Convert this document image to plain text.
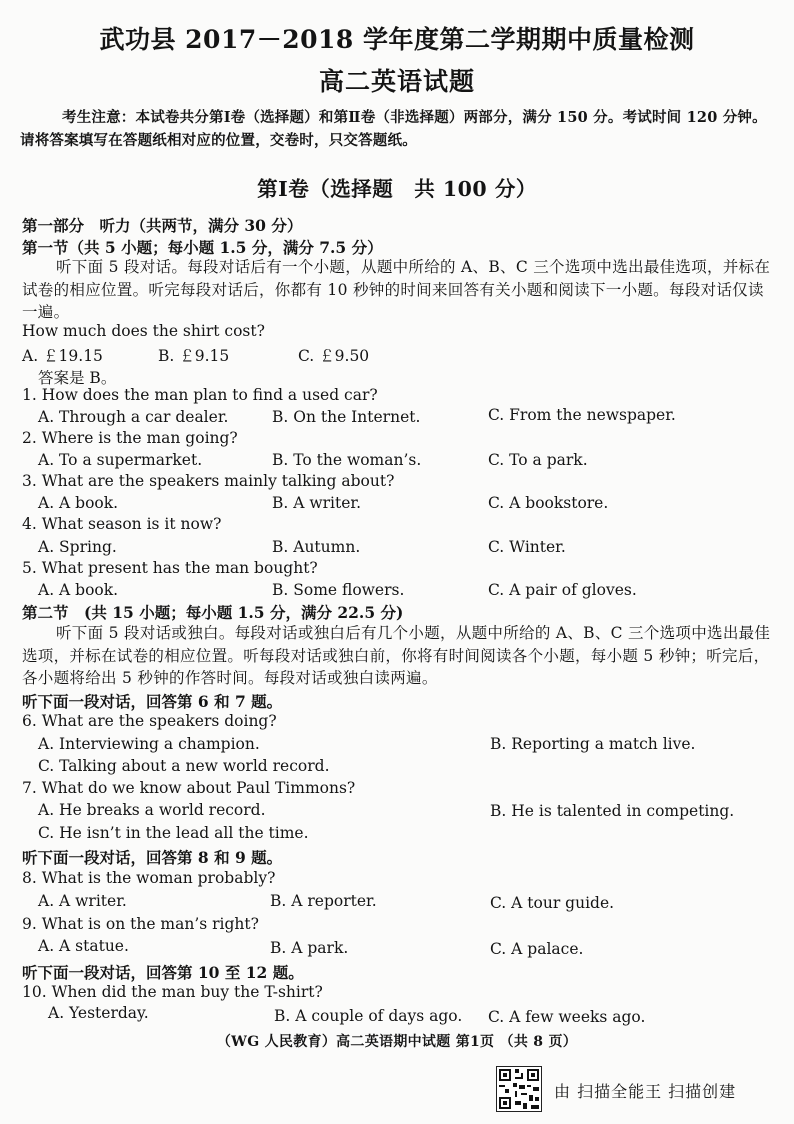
武功县 2017－2018 学年度第二学期期中质量检测
高二英语试题
考生注意：本试卷共分第Ⅰ卷（选择题）和第Ⅱ卷（非选择题）两部分，满分 150 分。考试时间 120 分钟。请将答案填写在答题纸相对应的位置，交卷时，只交答题纸。
第Ⅰ卷（选择题　共 100 分）
第一部分　听力（共两节，满分 30 分）
第一节（共 5 小题；每小题 1.5 分，满分 7.5 分）
听下面 5 段对话。每段对话后有一个小题，从题中所给的 A、B、C 三个选项中选出最佳选项，并标在试卷的相应位置。听完每段对话后，你都有 10 秒钟的时间来回答有关小题和阅读下一小题。每段对话仅读一遍。
How much does the shirt cost?
A. ￡19.15	B. ￡9.15	C. ￡9.50
答案是 B。
1. How does the man plan to find a used car?
A. Through a car dealer.	B. On the Internet.	C. From the newspaper.
2. Where is the man going?
A. To a supermarket.	B. To the woman’s.	C. To a park.
3. What are the speakers mainly talking about?
A. A book.	B. A writer.	C. A bookstore.
4. What season is it now?
A. Spring.	B. Autumn.	C. Winter.
5. What present has the man bought?
A. A book.	B. Some flowers.	C. A pair of gloves.
第二节　(共 15 小题；每小题 1.5 分，满分 22.5 分)
听下面 5 段对话或独白。每段对话或独白后有几个小题，从题中所给的 A、B、C 三个选项中选出最佳选项，并标在试卷的相应位置。听每段对话或独白前，你将有时间阅读各个小题，每小题 5 秒钟；听完后，各小题将给出 5 秒钟的作答时间。每段对话或独白读两遍。
听下面一段对话，回答第 6 和 7 题。
6. What are the speakers doing?
A. Interviewing a champion.	B. Reporting a match live.
C. Talking about a new world record.
7. What do we know about Paul Timmons?
A. He breaks a world record.	B. He is talented in competing.
C. He isn’t in the lead all the time.
听下面一段对话，回答第 8 和 9 题。
8. What is the woman probably?
A. A writer.	B. A reporter.	C. A tour guide.
9. What is on the man’s right?
A. A statue.	B. A park.	C. A palace.
听下面一段对话，回答第 10 至 12 题。
10. When did the man buy the T-shirt?
A. Yesterday.	B. A couple of days ago. C. A few weeks ago.
（WG 人民教育）高二英语期中试题 第1页 （共 8 页）
由 扫描全能王 扫描创建
